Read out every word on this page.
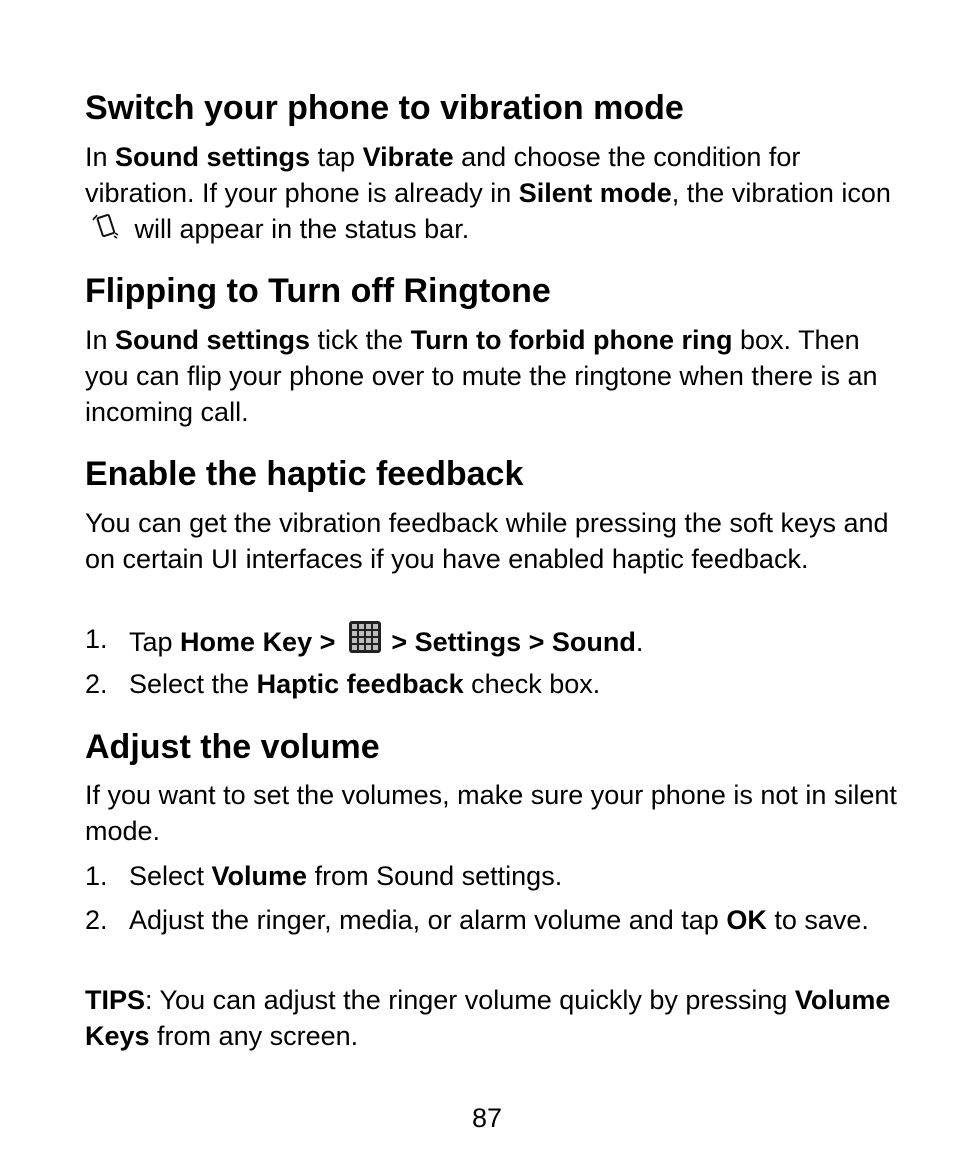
Switch your phone to vibration mode

In Sound settings tap Vibrate and choose the condition for vibration. If your phone is already in Silent mode, the vibration icon will appear in the status bar.

Flipping to Turn off Ringtone

In Sound settings tick the Turn to forbid phone ring box. Then you can flip your phone over to mute the ringtone when there is an incoming call.

Enable the haptic feedback

You can get the vibration feedback while pressing the soft keys and on certain UI interfaces if you have enabled haptic feedback.

1. Tap Home Key > > Settings > Sound.
2. Select the Haptic feedback check box.
Adjust the volume

If you want to set the volumes, make sure your phone is not in silent mode.

1. Select Volume from Sound settings.
2. Adjust the ringer, media, or alarm volume and tap OK to save.

TIPS: You can adjust the ringer volume quickly by pressing Volume Keys from any screen.

87
